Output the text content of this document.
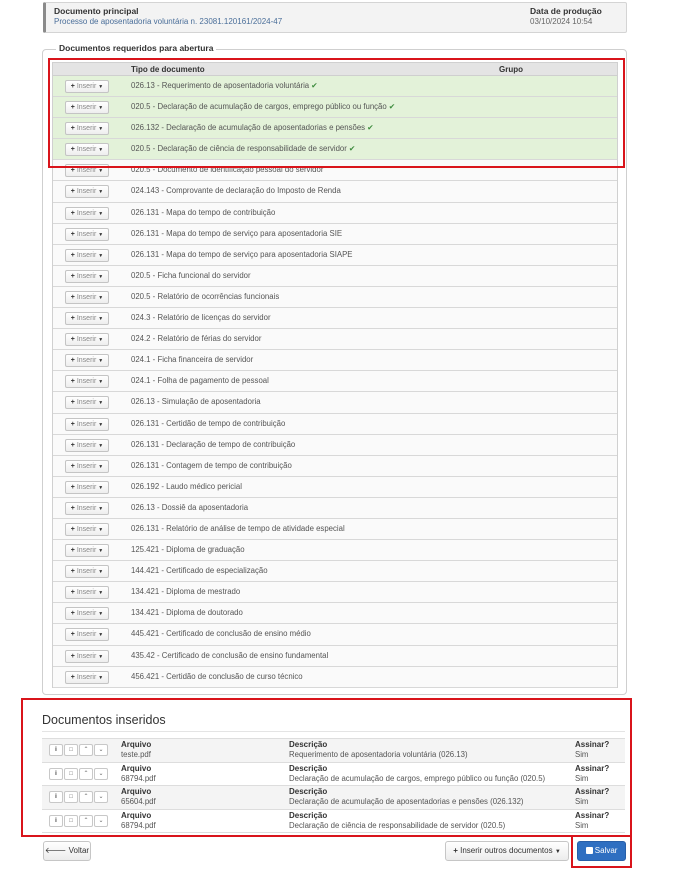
Documento principal
Processo de aposentadoria voluntária n. 23081.120161/2024-47
Data de produção
03/10/2024 10:54
Documentos requeridos para abertura
Tipo de documento	Grupo
+ Inserir ▼	026.13 - Requerimento de aposentadoria voluntária ✔
+ Inserir ▼	020.5 - Declaração de acumulação de cargos, emprego público ou função ✔
+ Inserir ▼	026.132 - Declaração de acumulação de aposentadorias e pensões ✔
+ Inserir ▼	020.5 - Declaração de ciência de responsabilidade de servidor ✔
+ Inserir ▼	020.5 - Documento de identificação pessoal do servidor
+ Inserir ▼	024.143 - Comprovante de declaração do Imposto de Renda
+ Inserir ▼	026.131 - Mapa do tempo de contribuição
+ Inserir ▼	026.131 - Mapa do tempo de serviço para aposentadoria SIE
+ Inserir ▼	026.131 - Mapa do tempo de serviço para aposentadoria SIAPE
+ Inserir ▼	020.5 - Ficha funcional do servidor
+ Inserir ▼	020.5 - Relatório de ocorrências funcionais
+ Inserir ▼	024.3 - Relatório de licenças do servidor
+ Inserir ▼	024.2 - Relatório de férias do servidor
+ Inserir ▼	024.1 - Ficha financeira de servidor
+ Inserir ▼	024.1 - Folha de pagamento de pessoal
+ Inserir ▼	026.13 - Simulação de aposentadoria
+ Inserir ▼	026.131 - Certidão de tempo de contribuição
+ Inserir ▼	026.131 - Declaração de tempo de contribuição
+ Inserir ▼	026.131 - Contagem de tempo de contribuição
+ Inserir ▼	026.192 - Laudo médico pericial
+ Inserir ▼	026.13 - Dossiê da aposentadoria
+ Inserir ▼	026.131 - Relatório de análise de tempo de atividade especial
+ Inserir ▼	125.421 - Diploma de graduação
+ Inserir ▼	144.421 - Certificado de especialização
+ Inserir ▼	134.421 - Diploma de mestrado
+ Inserir ▼	134.421 - Diploma de doutorado
+ Inserir ▼	445.421 - Certificado de conclusão de ensino médio
+ Inserir ▼	435.42 - Certificado de conclusão de ensino fundamental
+ Inserir ▼	456.421 - Certidão de conclusão de curso técnico
Documentos inseridos
i	□	⌃	⌄
Arquivo
teste.pdf
Descrição
Requerimento de aposentadoria voluntária (026.13)
Assinar?
Sim
i	□	⌃	⌄
Arquivo
68794.pdf
Descrição
Declaração de acumulação de cargos, emprego público ou função (020.5)
Assinar?
Sim
i	□	⌃	⌄
Arquivo
65604.pdf
Descrição
Declaração de acumulação de aposentadorias e pensões (026.132)
Assinar?
Sim
i	□	⌃	⌄
Arquivo
68794.pdf
Descrição
Declaração de ciência de responsabilidade de servidor (020.5)
Assinar?
Sim
🡐 Voltar	+ Inserir outros documentos ▼	Salvar
